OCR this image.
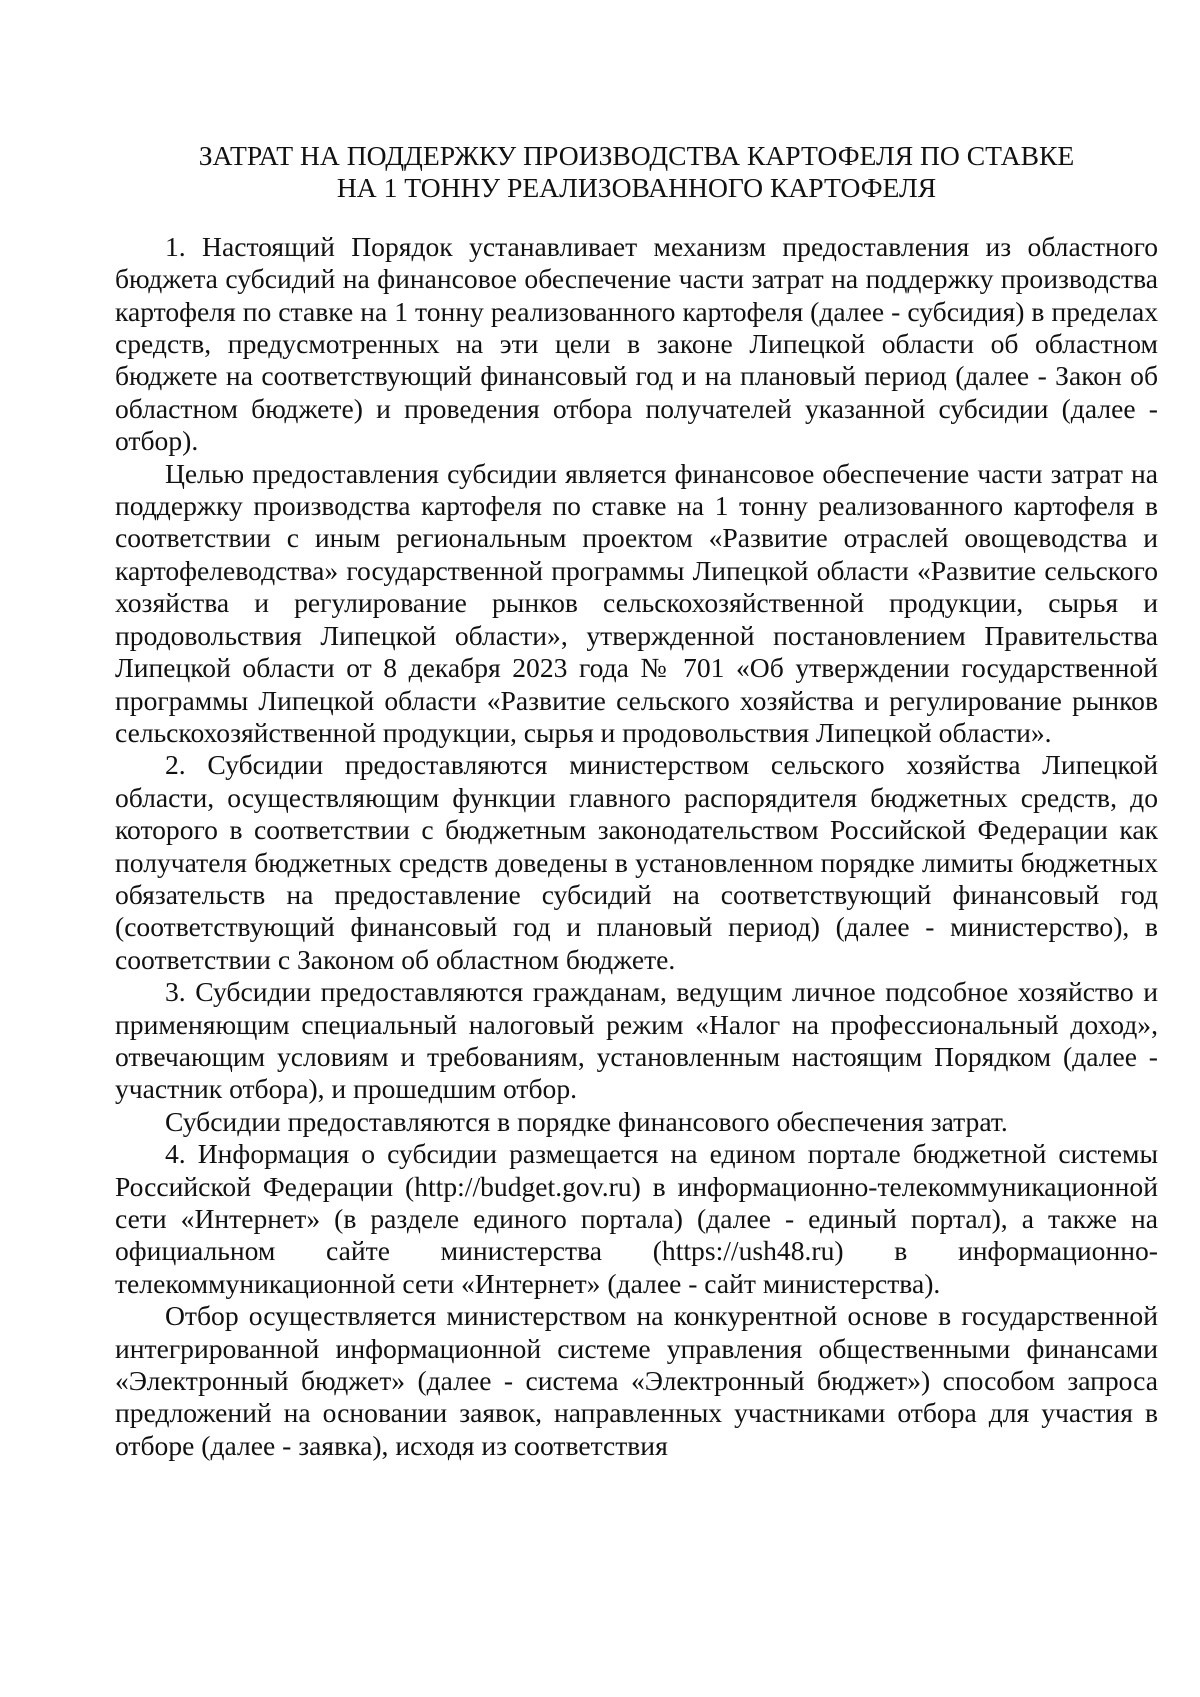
ЗАТРАТ НА ПОДДЕРЖКУ ПРОИЗВОДСТВА КАРТОФЕЛЯ ПО СТАВКЕ
НА 1 ТОННУ РЕАЛИЗОВАННОГО КАРТОФЕЛЯ

1. Настоящий Порядок устанавливает механизм предоставления из областного бюджета субсидий на финансовое обеспечение части затрат на поддержку производства картофеля по ставке на 1 тонну реализованного картофеля (далее - субсидия) в пределах средств, предусмотренных на эти цели в законе Липецкой области об областном бюджете на соответствующий финансовый год и на плановый период (далее - Закон об областном бюджете) и проведения отбора получателей указанной субсидии (далее - отбор).

Целью предоставления субсидии является финансовое обеспечение части затрат на поддержку производства картофеля по ставке на 1 тонну реализованного картофеля в соответствии с иным региональным проектом «Развитие отраслей овощеводства и картофелеводства» государственной программы Липецкой области «Развитие сельского хозяйства и регулирование рынков сельскохозяйственной продукции, сырья и продовольствия Липецкой области», утвержденной постановлением Правительства Липецкой области от 8 декабря 2023 года № 701 «Об утверждении государственной программы Липецкой области «Развитие сельского хозяйства и регулирование рынков сельскохозяйственной продукции, сырья и продовольствия Липецкой области».

2. Субсидии предоставляются министерством сельского хозяйства Липецкой области, осуществляющим функции главного распорядителя бюджетных средств, до которого в соответствии с бюджетным законодательством Российской Федерации как получателя бюджетных средств доведены в установленном порядке лимиты бюджетных обязательств на предоставление субсидий на соответствующий финансовый год (соответствующий финансовый год и плановый период) (далее - министерство), в соответствии с Законом об областном бюджете.

3. Субсидии предоставляются гражданам, ведущим личное подсобное хозяйство и применяющим специальный налоговый режим «Налог на профессиональный доход», отвечающим условиям и требованиям, установленным настоящим Порядком (далее - участник отбора), и прошедшим отбор.

Субсидии предоставляются в порядке финансового обеспечения затрат.

4. Информация о субсидии размещается на едином портале бюджетной системы Российской Федерации (http://budget.gov.ru) в информационно-телекоммуникационной сети «Интернет» (в разделе единого портала) (далее - единый портал), а также на официальном сайте министерства (https://ush48.ru) в информационно-телекоммуникационной сети «Интернет» (далее - сайт министерства).

Отбор осуществляется министерством на конкурентной основе в государственной интегрированной информационной системе управления общественными финансами «Электронный бюджет» (далее - система «Электронный бюджет») способом запроса предложений на основании заявок, направленных участниками отбора для участия в отборе (далее - заявка), исходя из соответствия
